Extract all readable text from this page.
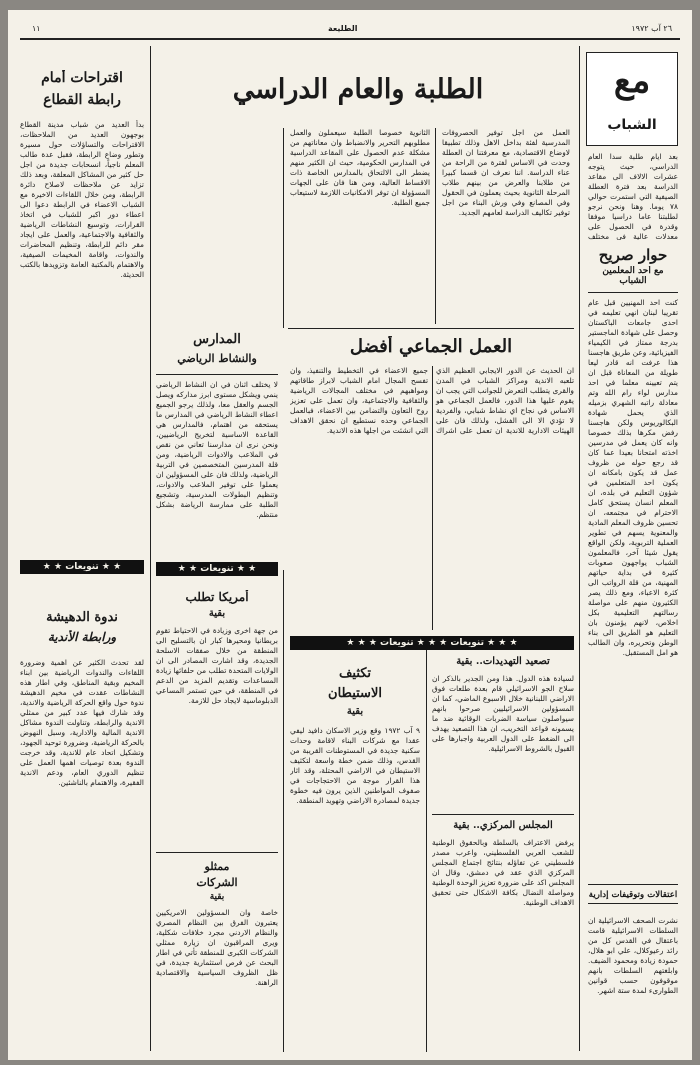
١١	الطليعة	٢٦ آب ١٩٧٢
مع
الشباب
بعد ايام طلبة سدا العام الدراسي، حيث يتوجه عشرات الالاف الى مقاعد الدراسة بعد فترة العطلة الصيفية التي استمرت حوالي ٧٨ يوما. وهنا ونحن نرجو لطلبتنا عاما دراسيا موفقا وقدرة في الحصول على معدلات عالية في مختلف
حوار صريح
مع أحد المعلمين الشباب
كنت احد المهنيين قبل عام تقريبا لبنان انهي تعليمه في احدى جامعات الباكستان وحصل على شهادة الماجستير بدرجة ممتاز في الكيمياء الفيزيائية، وعن طريق هاجسنا هذا عرفت انه قادر ليعا طويلة من المعاناة قبل ان يتم تعيينه معلما في احد مدارس لواء رام الله وتم معادلة راتبه الشهري بزميله الذي يحمل شهادة البكالوريوس ولكن هاجسنا رفض مكرها بذلك خصوصا وانه كان يعمل في مدرسين اخذته امتحانا بعيدا عما كان قد رجع حوله من ظروف عمل قد يكون بامكانه ان يكون احد المتعلمين في شؤون التعليم في بلده، ان المعلم انسان يستحق كامل الاحترام في مجتمعه، ان تحسين ظروف المعلم المادية والمعنوية يسهم في تطوير العملية التربوية، ولكن الواقع يقول شيئا آخر، فالمعلمون الشباب يواجهون صعوبات كثيرة في بداية حياتهم المهنية، من قلة الرواتب الى كثرة الاعباء، ومع ذلك يصر الكثيرون منهم على مواصلة رسالتهم التعليمية بكل اخلاص، لانهم يؤمنون بان التعليم هو الطريق الى بناء الوطن وتحريره، وان الطالب هو امل المستقبل.
اعتقالات وتوقيفات إدارية
نشرت الصحف الاسرائيلية ان السلطات الاسرائيلية قامت باعتقال في القدس كل من رائد رعيوكلال، علي ابو هلال، حمودة زيادة ومحمود الضيف. وابلغتهم السلطات بانهم موقوفون حسب قوانين الطوارىء لمدة ستة اشهر.
اقتراحات أمام
رابطة القطاع
بدأ العديد من شباب مدينة القطاع بوجهون العديد من الملاحظات، الاقتراحات والتساؤلات حول مسيرة وتطور وضاع الرابطة، فقبل عدة طالب المعلم ناجياً، انسحابات جديدة من اجل حل كثير من المشاكل المعلقة، وبعد ذلك تزايد عن ملاحظات لاصلاح دائرة الرابطة، ومن خلال اللقاءات الاخيرة مع الشباب الاعضاء في الرابطة دعوا الى اعطاء دور اكبر للشباب في اتخاذ القرارات، وتوسيع النشاطات الرياضية والثقافية والاجتماعية، والعمل على ايجاد مقر دائم للرابطة، وتنظيم المحاضرات والندوات، واقامة المخيمات الصيفية، والاهتمام بالمكتبة العامة وتزويدها بالكتب الحديثة.
★ ★ تنويعات ★ ★
ندوة الدهيشة
ورابطة الأندية
لقد تحدث الكثير عن اهمية وضرورة اللقاءات والندوات الرياضية بين ابناء المخيم وبقية المناطق، وفي اطار هذه النشاطات عقدت في مخيم الدهيشة ندوة حول واقع الحركة الرياضية والاندية، وقد شارك فيها عدد كبير من ممثلي الاندية والرابطة، وتناولت الندوة مشاكل الاندية المالية والادارية، وسبل النهوض بالحركة الرياضية، وضرورة توحيد الجهود، وتشكيل اتحاد عام للاندية، وقد خرجت الندوة بعدة توصيات اهمها العمل على تنظيم الدوري العام، ودعم الاندية الفقيرة، والاهتمام بالناشئين.
الطلبة والعام الدراسي
العمل من اجل توفير الحصروفات المدرسية لفئة بداخل الاهل وذلك تطبيقا لاوضاع الاقتصادية، مع معرفتنا ان العطلة وحدت في الاساس لفترة من الراحة من عناء الدراسة. اننا نعرف ان قسما كبيرا من طلابنا والعرض من بينهم طلاب المرحلة الثانوية بحيث يعملون في الحقول وفي المصانع وفي ورش البناء من اجل توفير تكاليف الدراسة لعامهم الجديد.
الثانوية خصوصا الطلبة سيعملون والعمل مطلوبهم التحرير والانضباط وان معاناتهم من مشكلة عدم الحصول على المقاعد الدراسية في المدارس الحكومية، حيث ان الكثير منهم يضطر الى الالتحاق بالمدارس الخاصة ذات الاقساط العالية، ومن هنا فان على الجهات المسؤولة ان توفر الامكانيات اللازمة لاستيعاب جميع الطلبة.
المدارس
والنشاط الرياضي
لا يختلف اثنان في ان النشاط الرياضي ينمي ويشكل مستوى ابرز مداركه ويصل الجسم والعقل معا، ولذلك يرجو الجميع اعطاء النشاط الرياضي في المدارس ما يستحقه من اهتمام، فالمدارس هي القاعدة الاساسية لتخريج الرياضيين، ونحن نرى ان مدارسنا تعاني من نقص في الملاعب والادوات الرياضية، ومن قلة المدرسين المتخصصين في التربية الرياضية، ولذلك فان على المسؤولين ان يعملوا على توفير الملاعب والادوات، وتنظيم البطولات المدرسية، وتشجيع الطلبة على ممارسة الرياضة بشكل منتظم.
العمل الجماعي أفضل
ان الحديث عن الدور الايجابي العظيم الذي تلعبه الاندية ومراكز الشباب في المدن والقرى يتطلب التعرض للجوانب التي يجب ان يقوم عليها هذا الدور، فالعمل الجماعي هو الاساس في نجاح اي نشاط شبابي، والفردية لا تؤدي الا الى الفشل، ولذلك فان على الهيئات الادارية للاندية ان تعمل على اشراك جميع الاعضاء في التخطيط والتنفيذ، وان تفسح المجال امام الشباب لابراز طاقاتهم ومواهبهم في مختلف المجالات الرياضية والثقافية والاجتماعية، وان تعمل على تعزيز روح التعاون والتضامن بين الاعضاء، فبالعمل الجماعي وحده نستطيع ان نحقق الاهداف التي انشئت من اجلها هذه الاندية.
★ ★ تنويعات ★ ★
أمريكا تطلب
بقية
من جهة اخرى وزيادة في الاحتياط تقوم بريطانيا ومحيرها كبار ان بالتسليح الى المنطقة من خلال صفقات الاسلحة الجديدة، وقد اشارت المصادر الى ان الولايات المتحدة تطلب من حلفائها زيادة المساعدات وتقديم المزيد من الدعم في المنطقة، في حين تستمر المساعي الدبلوماسية لايجاد حل للازمة.
ممثلو
الشركات
بقية
خاصة وان المسؤولين الامريكيين يعتبرون الفرق بين النظام المصري والنظام الاردني مجرد خلافات شكلية، ويرى المراقبون ان زيارة ممثلي الشركات الكبرى للمنطقة تأتي في اطار البحث عن فرص استثمارية جديدة، في ظل الظروف السياسية والاقتصادية الراهنة.
★ ★ ★ تنويعات ★ ★ ★ تنويعات ★ ★ ★
تكثيف
الاستيطان
بقية
٩ آب ١٩٧٢ وقع وزير الاسكان دافيد ليفي عقدا مع شركات البناء لاقامة وحدات سكنية جديدة في المستوطنات القريبة من القدس، وذلك ضمن خطة واسعة لتكثيف الاستيطان في الاراضي المحتلة، وقد اثار هذا القرار موجة من الاحتجاجات في صفوف المواطنين الذين يرون فيه خطوة جديدة لمصادرة الاراضي وتهويد المنطقة.
تصعيد التهديدات.. بقية
لسيادة هذه الدول. هذا ومن الجدير بالذكر ان سلاح الجو الاسرائيلي قام بعدة طلعات فوق الاراضي اللبنانية خلال الاسبوع الماضي، كما ان المسؤولين الاسرائيليين صرحوا بانهم سيواصلون سياسة الضربات الوقائية ضد ما يسمونه قواعد التخريب، ان هذا التصعيد يهدف الى الضغط على الدول العربية واجبارها على القبول بالشروط الاسرائيلية.
المجلس المركزي.. بقية
يرفض الاعتراف بالسلطة وبالحقوق الوطنية للشعب العربي الفلسطيني، واعرب مصدر فلسطيني عن تفاؤله بنتائج اجتماع المجلس المركزي الذي عقد في دمشق، وقال ان المجلس اكد على ضرورة تعزيز الوحدة الوطنية ومواصلة النضال بكافة الاشكال حتى تحقيق الاهداف الوطنية.
